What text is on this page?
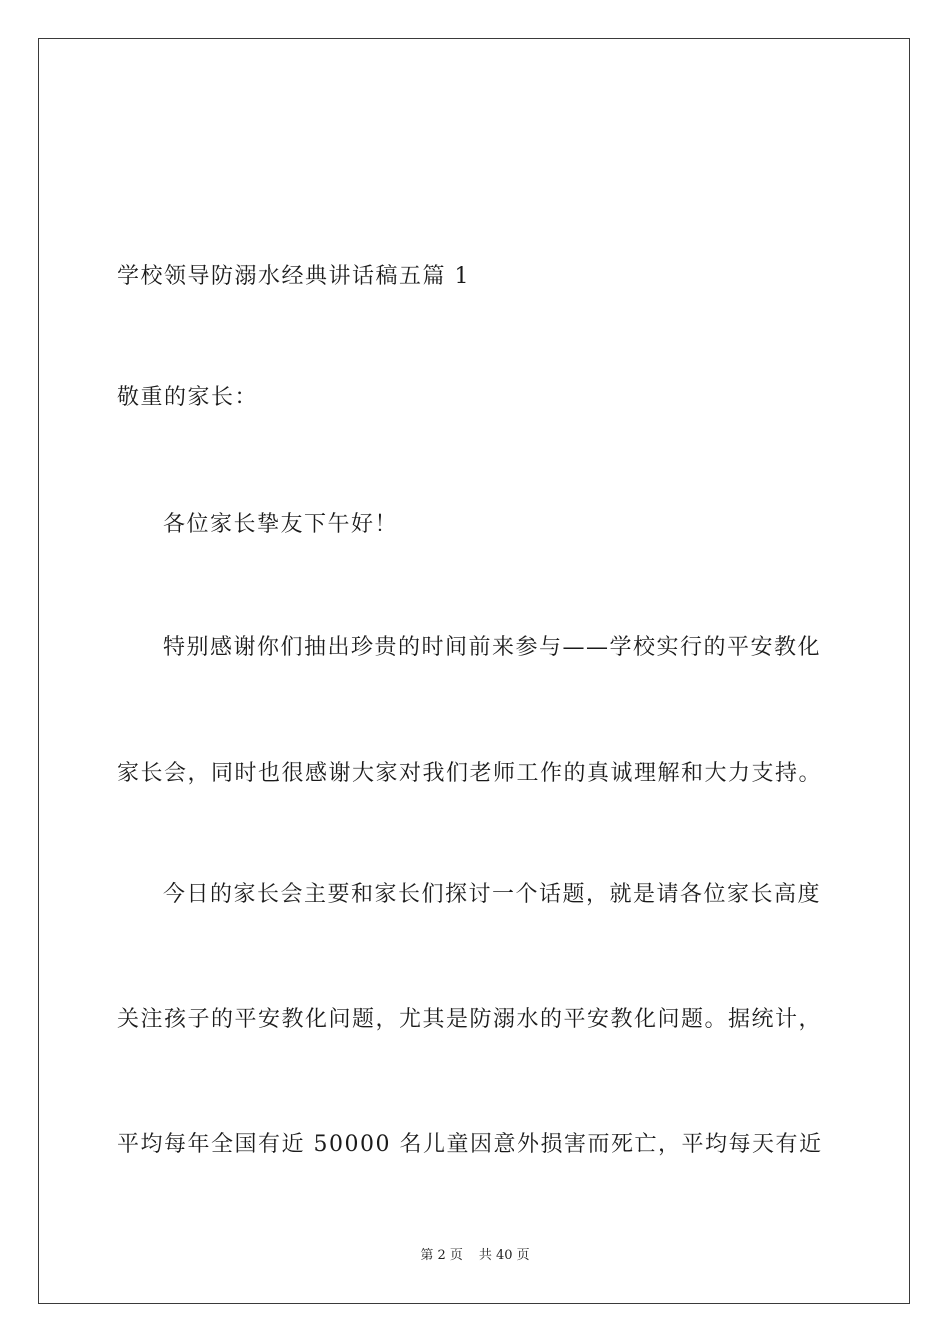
学校领导防溺水经典讲话稿五篇 1
敬重的家长：
各位家长挚友下午好！
特别感谢你们抽出珍贵的时间前来参与——学校实行的平安教化
家长会，同时也很感谢大家对我们老师工作的真诚理解和大力支持。
今日的家长会主要和家长们探讨一个话题，就是请各位家长高度
关注孩子的平安教化问题，尤其是防溺水的平安教化问题。据统计，
平均每年全国有近 50000 名儿童因意外损害而死亡，平均每天有近
第 2 页 共 40 页
